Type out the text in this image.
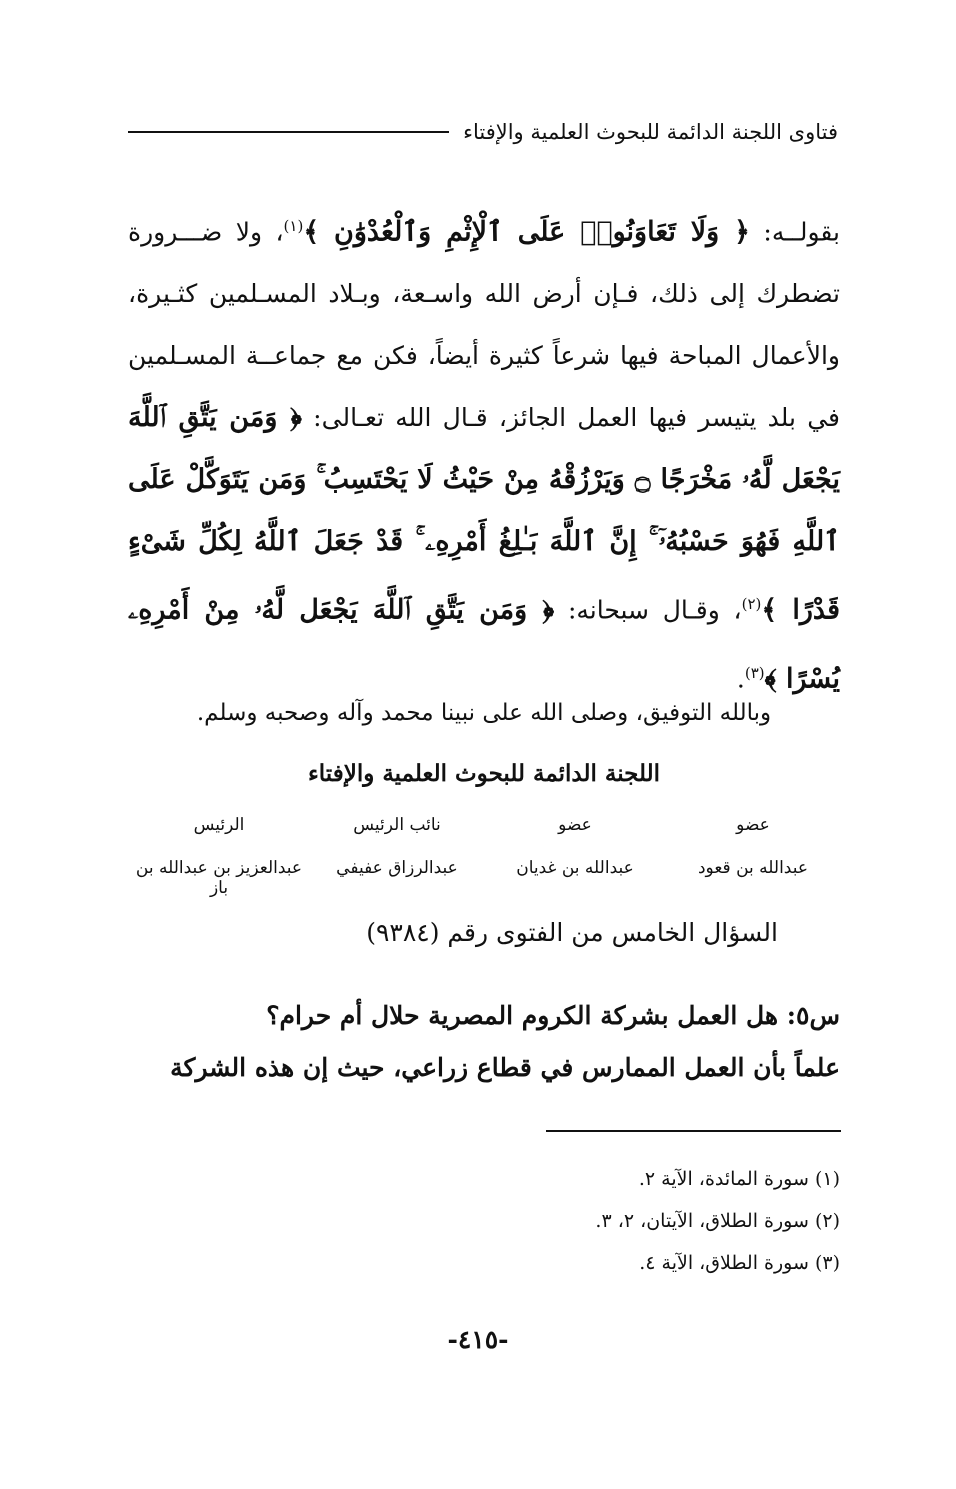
فتاوى اللجنة الدائمة للبحوث العلمية والإفتاء

بقولــه: ﴿ وَلَا تَعَاوَنُوا۟ عَلَى ٱلْإِثْمِ وَٱلْعُدْوَٰنِ ﴾$^{(١)}$، ولا ضـــرورة تضطرك إلى ذلك، فـإن أرض الله واسـعة، وبـلاد المسـلمين كثـيرة، والأعمال المباحة فيها شرعاً كثيرة أيضاً، فكن مع جماعــة المسـلمين في بلد يتيسر فيها العمل الجائز، قـال الله تعـالى: ﴿ وَمَن يَتَّقِ ٱللَّهَ يَجْعَل لَّهُۥ مَخْرَجًا ۝ وَيَرْزُقْهُ مِنْ حَيْثُ لَا يَحْتَسِبُ ۚ وَمَن يَتَوَكَّلْ عَلَى ٱللَّهِ فَهُوَ حَسْبُهُۥٓ ۚ إِنَّ ٱللَّهَ بَـٰلِغُ أَمْرِهِۦ ۚ قَدْ جَعَلَ ٱللَّهُ لِكُلِّ شَىْءٍ قَدْرًا ﴾$^{(٢)}$، وقـال سبحانه: ﴿ وَمَن يَتَّقِ ٱللَّهَ يَجْعَل لَّهُۥ مِنْ أَمْرِهِۦ يُسْرًا ﴾$^{(٣)}$.

وبالله التوفيق، وصلى الله على نبينا محمد وآله وصحبه وسلم.
اللجنة الدائمة للبحوث العلمية والإفتاء
عضو
عضو
نائب الرئيس
الرئيس
عبدالله بن قعود
عبدالله بن غديان
عبدالرزاق عفيفي
عبدالعزيز بن عبدالله بن باز
السؤال الخامس من الفتوى رقم (٩٣٨٤)

س٥: هل العمل بشركة الكروم المصرية حلال أم حرام؟

علماً بأن العمل الممارس في قطاع زراعي، حيث إن هذه الشركة

(١) سورة المائدة، الآية ٢.
(٢) سورة الطلاق، الآيتان، ٢، ٣.
(٣) سورة الطلاق، الآية ٤.
-٤١٥-
